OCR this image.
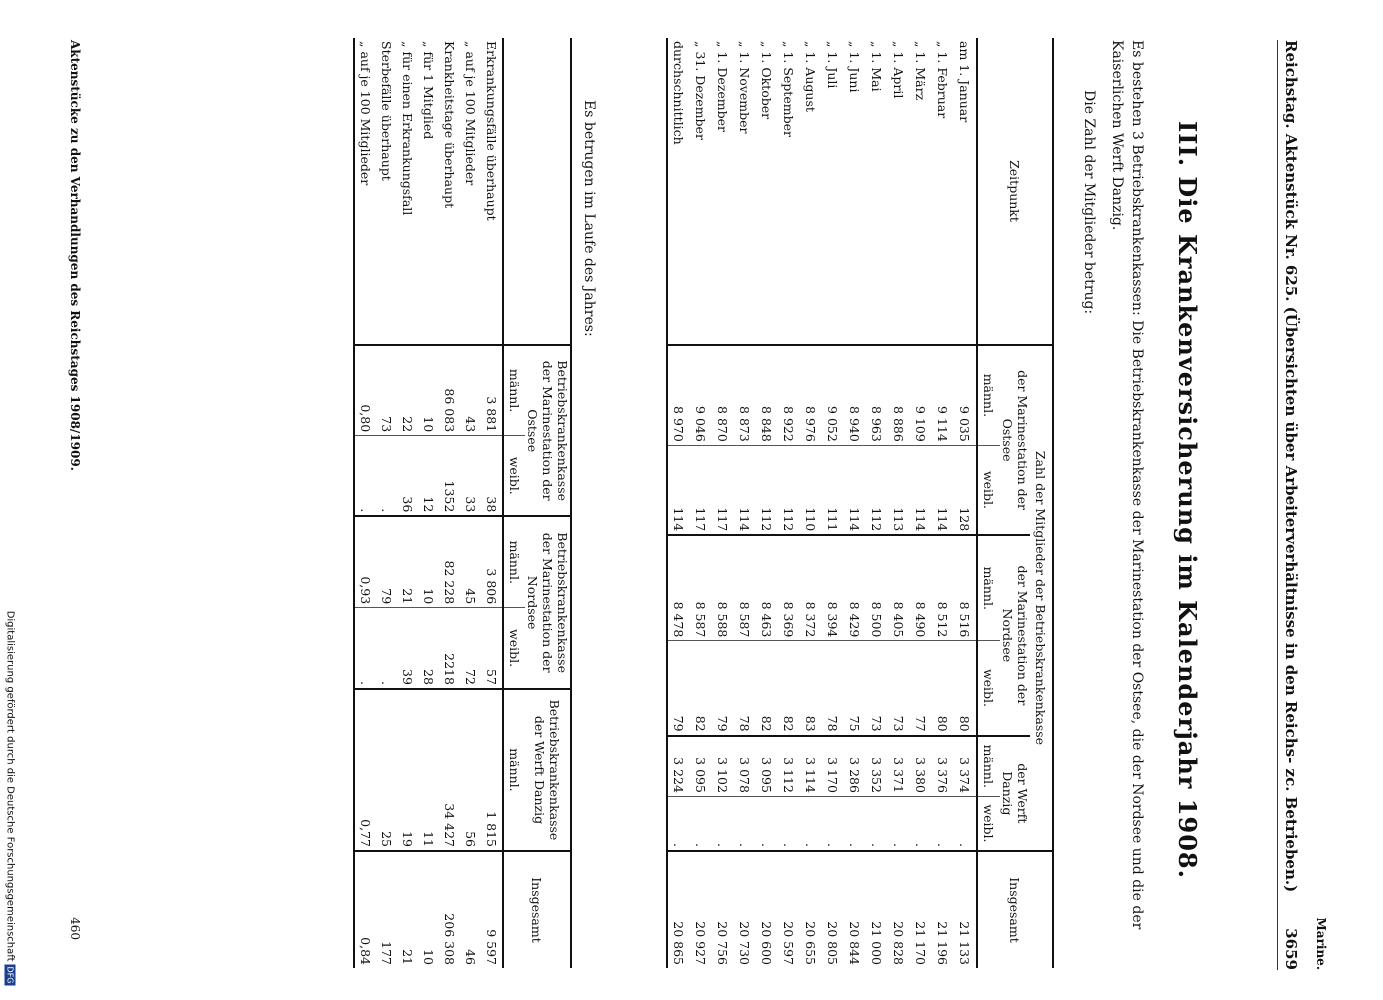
Digitalisierung gefördert durch die Deutsche ForschungsgemeinschaftDFG
Reichstag. Aktenstück Nr. 625. (Übersichten über Arbeiterverhältnisse in den Reichs- zc. Betrieben.)
3659 Marine.
III. Die Krankenversicherung im Kalenderjahr 1908.
Es bestehen 3 Betriebskrankenkassen: Die Betriebskrankenkasse der Marinestation der Ostsee, die der Nordsee und die der Kaiserlichen Werft Danzig.
Die Zahl der Mitglieder betrug:
Zeitpunkt	Zahl der Mitglieder der Betriebskrankenkasse						Insgesamt
	der Marinestation der Ostsee		der Marinestation der Nordsee		der Werft Danzig		
	männl.	weibl.	männl.	weibl.	männl.	weibl.	
am 1. Januar	9 035	128	8 516	80	3 374	.	21 133
„ 1. Februar	9 114	114	8 512	80	3 376	.	21 196
„ 1. März	9 109	114	8 490	77	3 380	.	21 170
„ 1. April	8 886	113	8 405	73	3 371	.	20 828
„ 1. Mai	8 963	112	8 500	73	3 352	.	21 000
„ 1. Juni	8 940	114	8 429	75	3 286	.	20 844
„ 1. Juli	9 052	111	8 394	78	3 170	.	20 805
„ 1. August	8 976	110	8 372	83	3 114	.	20 655
„ 1. September	8 922	112	8 369	82	3 112	.	20 597
„ 1. Oktober	8 848	112	8 463	82	3 095	.	20 600
„ 1. November	8 873	114	8 587	78	3 078	.	20 730
„ 1. Dezember	8 870	117	8 588	79	3 102	.	20 756
„ 31. Dezember	9 046	117	8 587	82	3 095	.	20 927
durchschnittlich	8 970	114	8 478	79	3 224	.	20 865
Es betrugen im Laufe des Jahres:
	Betriebskrankenkasse der Marinestation der Ostsee		Betriebskrankenkasse der Marinestation der Nordsee		Betriebskrankenkasse der Werft Danzig	Insgesamt
	männl.	weibl.	männl.	weibl.	männl.	
Erkrankungsfälle überhaupt	3 881	38	3 806	57	1 815	9 597
„ auf je 100 Mitglieder	43	33	45	72	56	46
Krankheitstage überhaupt	86 083	1352	82 228	2218	34 427	206 308
„ für 1 Mitglied	10	12	10	28	11	10
„ für einen Erkrankungsfall	22	36	21	39	19	21
Sterbefälle überhaupt	73	.	79	.	25	177
„ auf je 100 Mitglieder	0,80	.	0,93	.	0,77	0,84
Aktenstücke zu den Verhandlungen des Reichstages 1908/1909.
460
